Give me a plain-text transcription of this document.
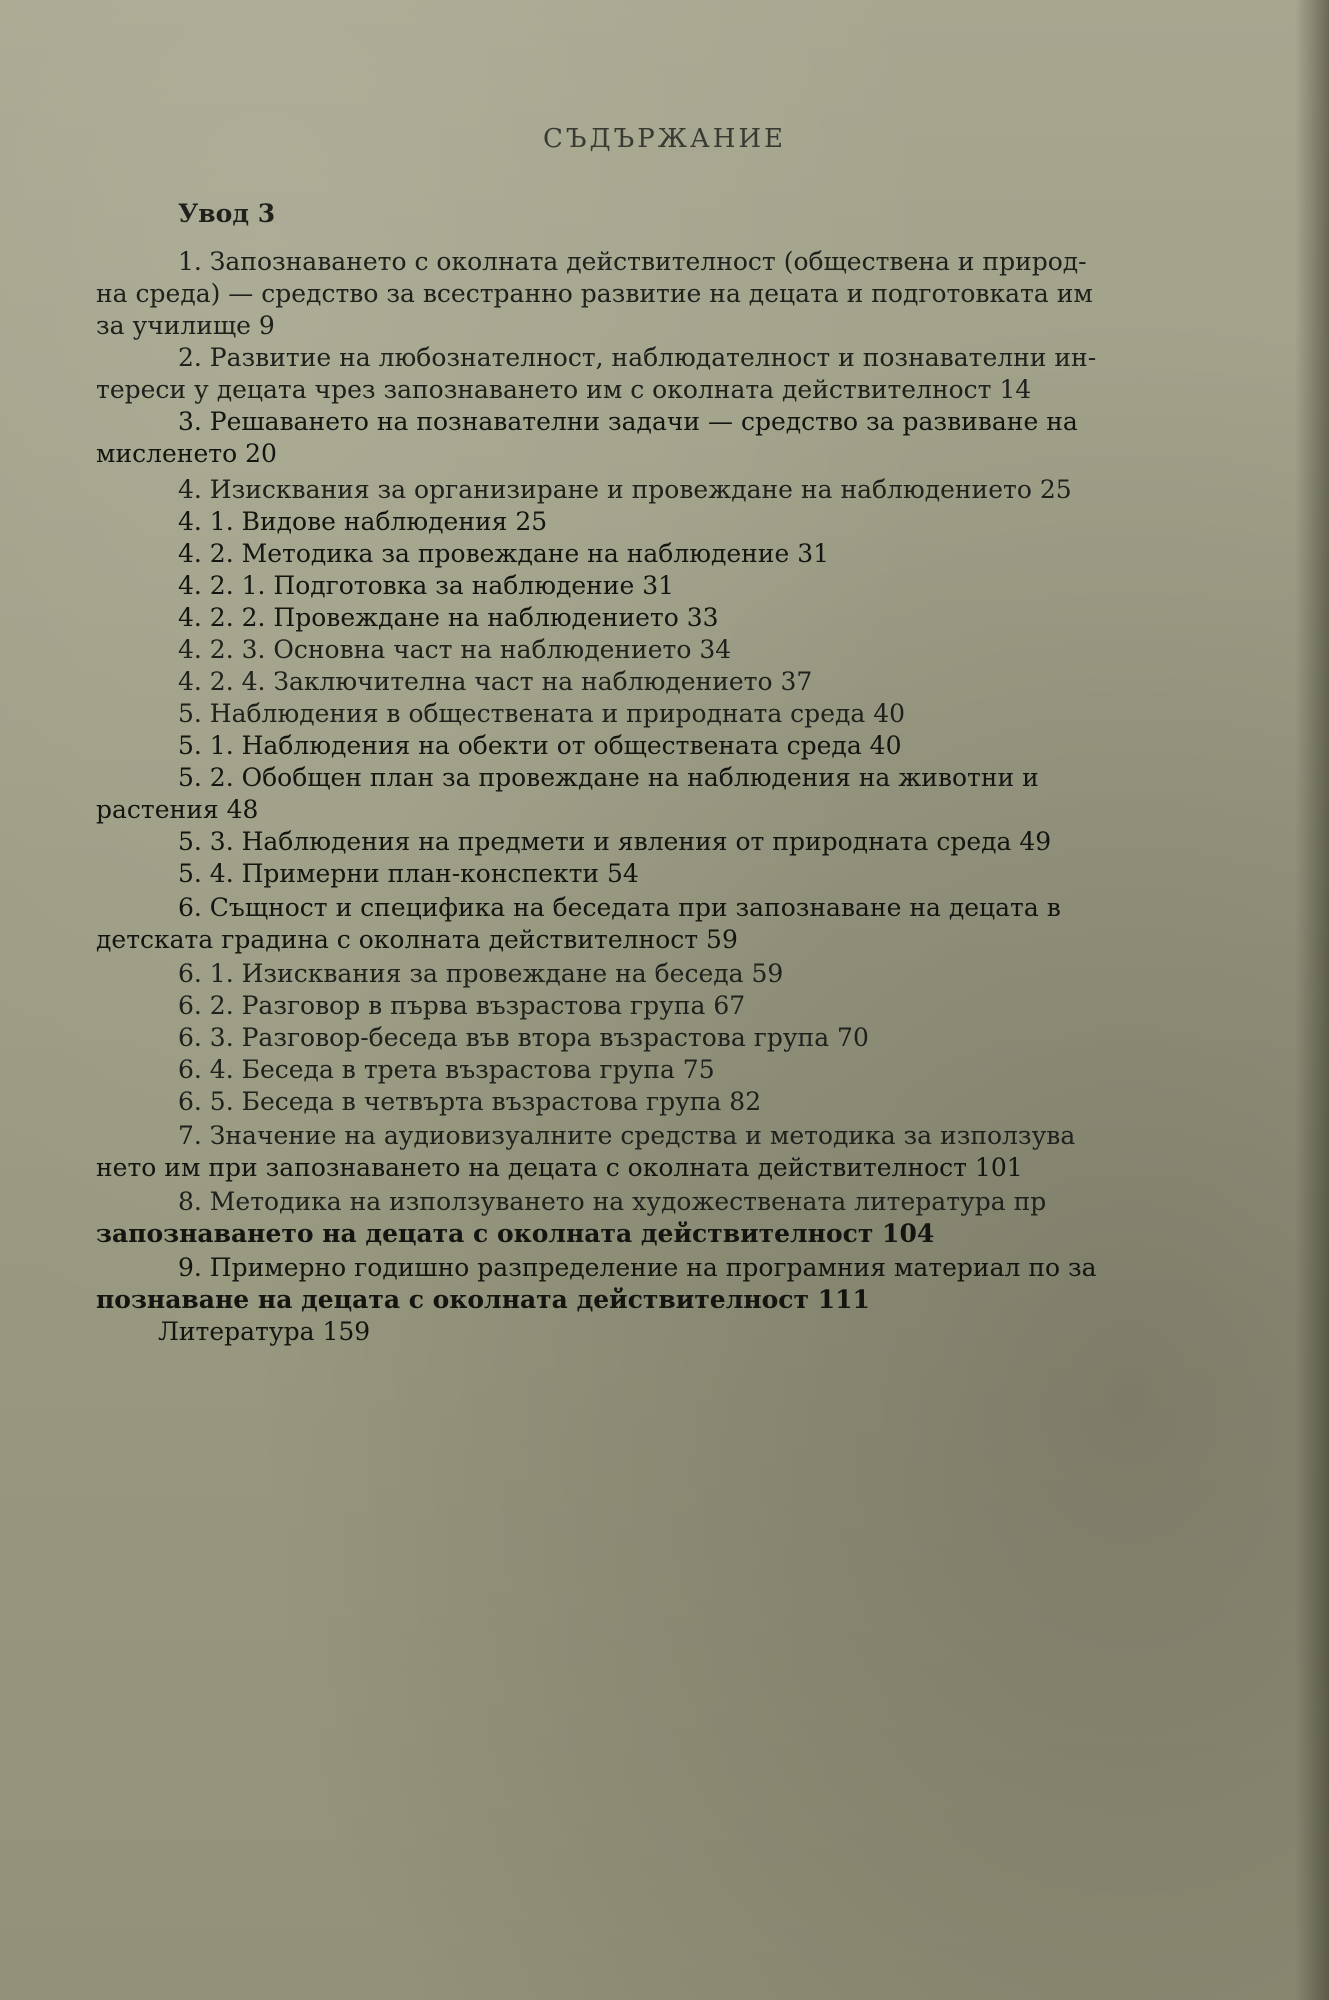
СЪДЪРЖАНИЕ
Увод 3
1. Запознаването с околната действителност (обществена и природ-
на среда) — средство за всестранно развитие на децата и подготовката им
за училище 9
2. Развитие на любознателност, наблюдателност и познавателни ин-
тереси у децата чрез запознаването им с околната действителност 14
3. Решаването на познавателни задачи — средство за развиване на
мисленето 20
4. Изисквания за организиране и провеждане на наблюдението 25
4. 1. Видове наблюдения 25
4. 2. Методика за провеждане на наблюдение 31
4. 2. 1. Подготовка за наблюдение 31
4. 2. 2. Провеждане на наблюдението 33
4. 2. 3. Основна част на наблюдението 34
4. 2. 4. Заключителна част на наблюдението 37
5. Наблюдения в обществената и природната среда 40
5. 1. Наблюдения на обекти от обществената среда 40
5. 2. Обобщен план за провеждане на наблюдения на животни и
растения 48
5. 3. Наблюдения на предмети и явления от природната среда 49
5. 4. Примерни план-конспекти 54
6. Същност и специфика на беседата при запознаване на децата в
детската градина с околната действителност 59
6. 1. Изисквания за провеждане на беседа 59
6. 2. Разговор в първа възрастова група 67
6. 3. Разговор-беседа във втора възрастова група 70
6. 4. Беседа в трета възрастова група 75
6. 5. Беседа в четвърта възрастова група 82
7. Значение на аудиовизуалните средства и методика за използува
нето им при запознаването на децата с околната действителност 101
8. Методика на използуването на художествената литература пр
запознаването на децата с околната действителност 104
9. Примерно годишно разпределение на програмния материал по за
познаване на децата с околната действителност 111
Литература 159
